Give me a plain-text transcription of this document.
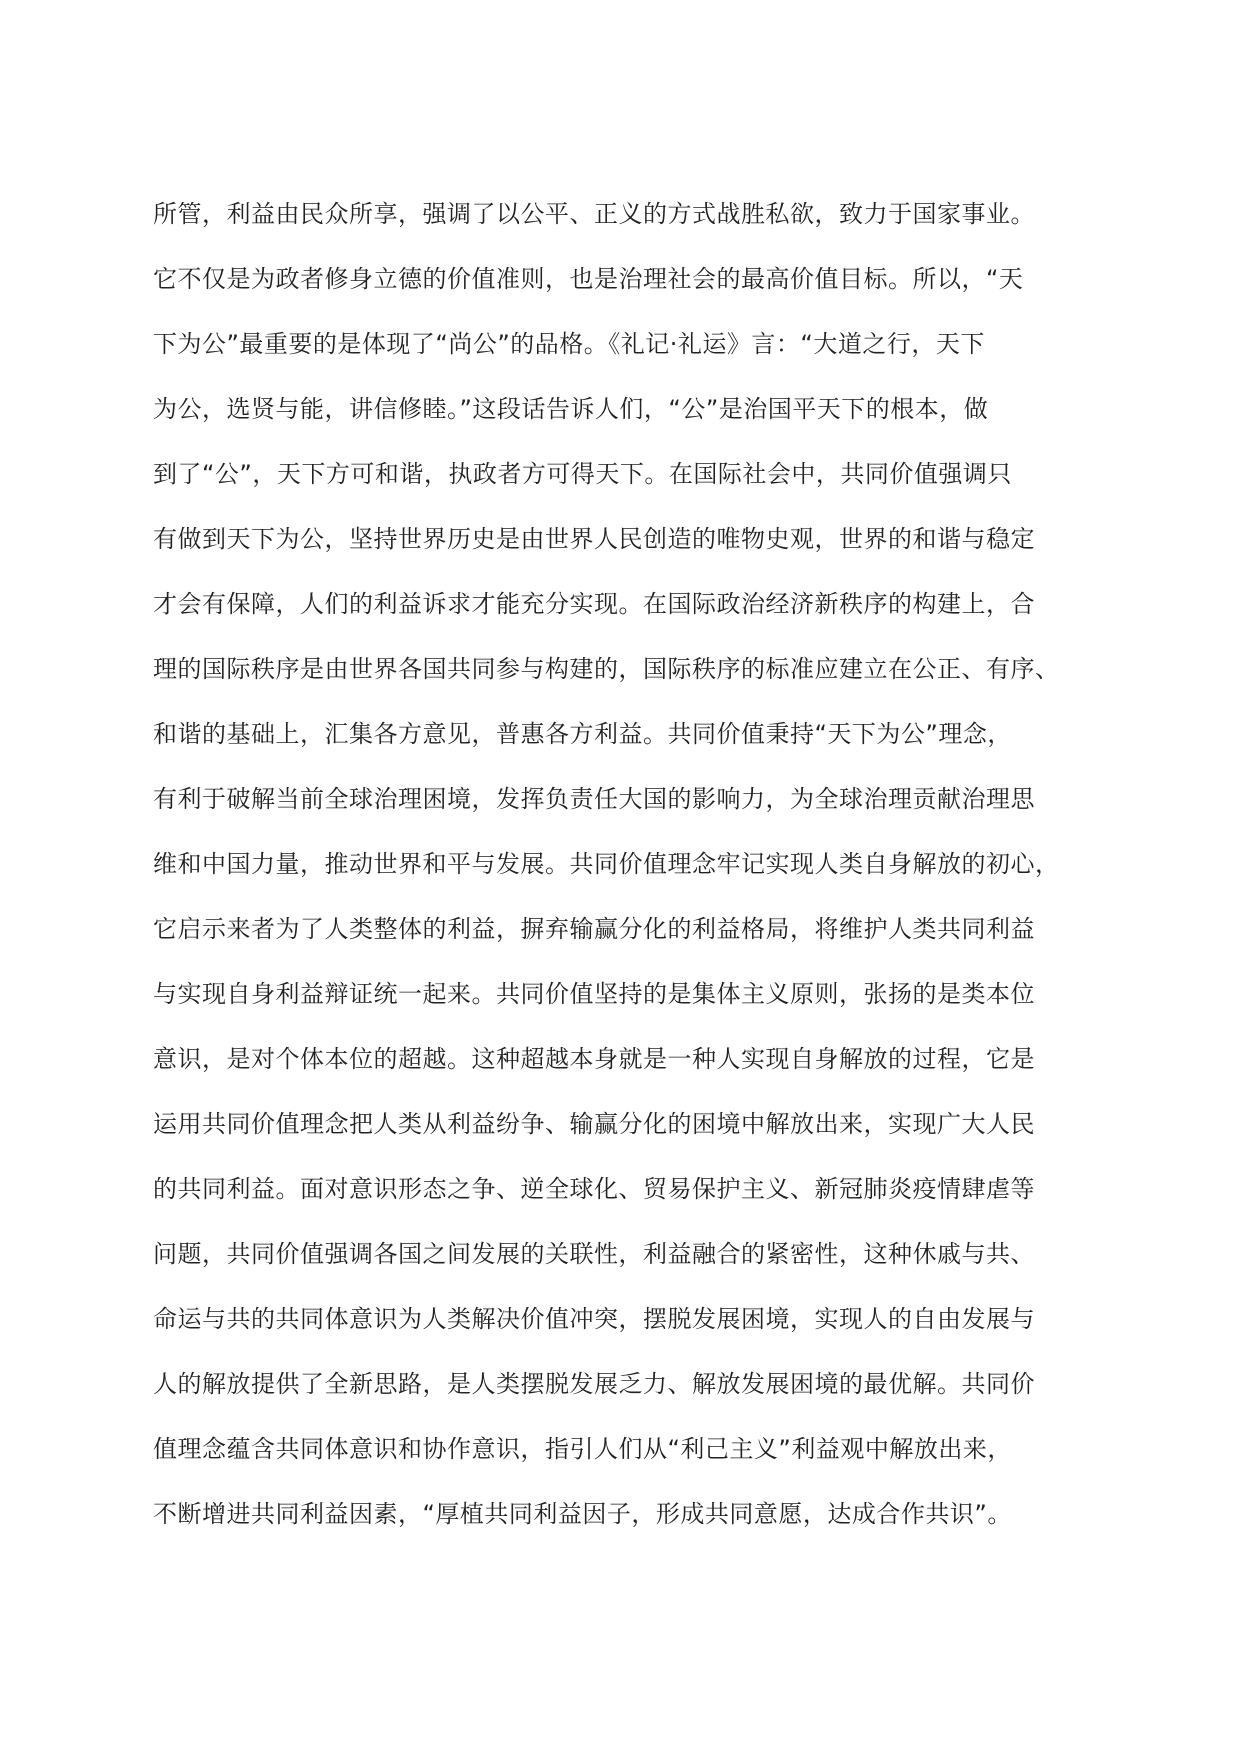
所管，利益由民众所享，强调了以公平、正义的方式战胜私欲，致力于国家事业。
它不仅是为政者修身立德的价值准则，也是治理社会的最高价值目标。所以，“天
下为公”最重要的是体现了“尚公”的品格。《礼记·礼运》言：“大道之行，天下
为公，选贤与能，讲信修睦。”这段话告诉人们，“公”是治国平天下的根本，做
到了“公”，天下方可和谐，执政者方可得天下。在国际社会中，共同价值强调只
有做到天下为公，坚持世界历史是由世界人民创造的唯物史观，世界的和谐与稳定
才会有保障，人们的利益诉求才能充分实现。在国际政治经济新秩序的构建上，合
理的国际秩序是由世界各国共同参与构建的，国际秩序的标准应建立在公正、有序、
和谐的基础上，汇集各方意见，普惠各方利益。共同价值秉持“天下为公”理念，
有利于破解当前全球治理困境，发挥负责任大国的影响力，为全球治理贡献治理思
维和中国力量，推动世界和平与发展。共同价值理念牢记实现人类自身解放的初心，
它启示来者为了人类整体的利益，摒弃输赢分化的利益格局，将维护人类共同利益
与实现自身利益辩证统一起来。共同价值坚持的是集体主义原则，张扬的是类本位
意识，是对个体本位的超越。这种超越本身就是一种人实现自身解放的过程，它是
运用共同价值理念把人类从利益纷争、输赢分化的困境中解放出来，实现广大人民
的共同利益。面对意识形态之争、逆全球化、贸易保护主义、新冠肺炎疫情肆虐等
问题，共同价值强调各国之间发展的关联性，利益融合的紧密性，这种休戚与共、
命运与共的共同体意识为人类解决价值冲突，摆脱发展困境，实现人的自由发展与
人的解放提供了全新思路，是人类摆脱发展乏力、解放发展困境的最优解。共同价
值理念蕴含共同体意识和协作意识，指引人们从“利己主义”利益观中解放出来，
不断增进共同利益因素，“厚植共同利益因子，形成共同意愿，达成合作共识”。
